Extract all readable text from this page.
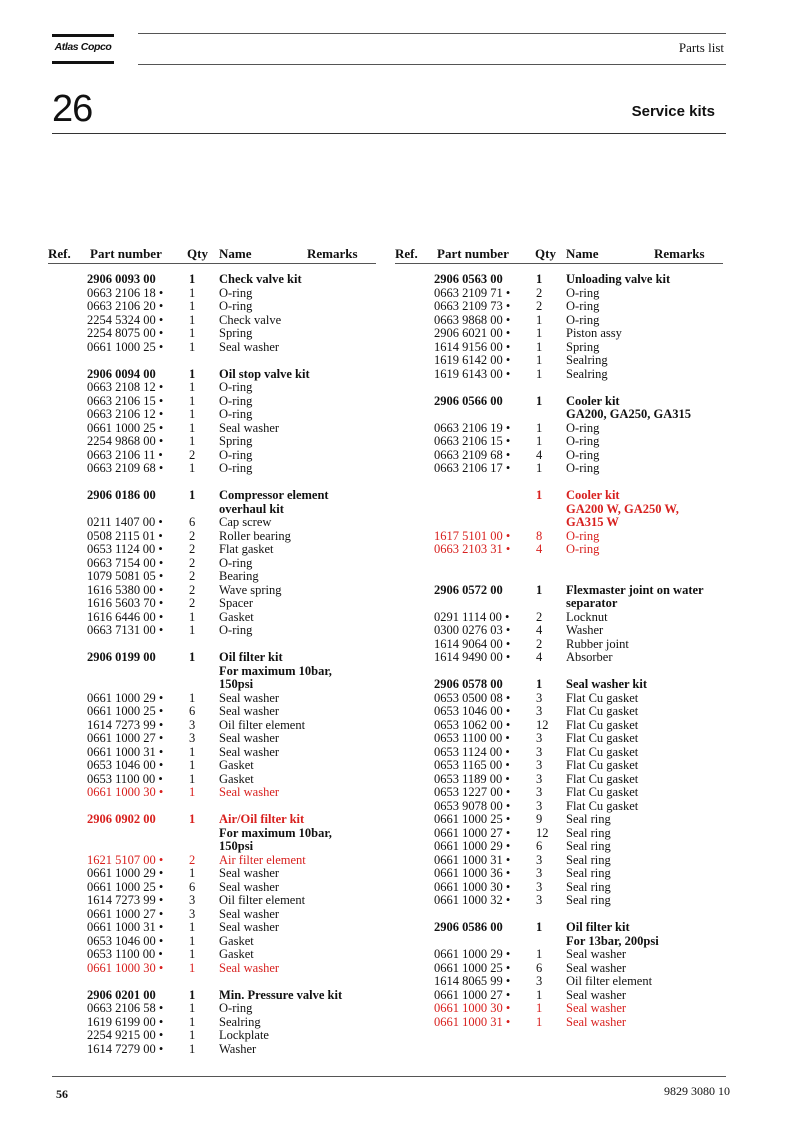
Atlas Copco	Parts list
26	Service kits
Ref. Part number Qty Name	Remarks	Ref. Part number Qty Name	Remarks
2906 0093 00	1 Check valve kit
0663 2106 18 • 1 O-ring
0663 2106 20 • 1 O-ring
2254 5324 00 • 1 Check valve
2254 8075 00 • 1 Spring
0661 1000 25 • 1 Seal washer
2906 0094 00	1 Oil stop valve kit
0663 2108 12 • 1 O-ring
0663 2106 15 • 1 O-ring
0663 2106 12 • 1 O-ring
0661 1000 25 • 1 Seal washer
2254 9868 00 • 1 Spring
0663 2106 11 • 2 O-ring
0663 2109 68 • 1 O-ring
2906 0186 00	1 Compressor element
overhaul kit
0211 1407 00 • 6 Cap screw
0508 2115 01 • 2 Roller bearing
0653 1124 00 • 2 Flat gasket
0663 7154 00 • 2 O-ring
1079 5081 05 • 2 Bearing
1616 5380 00 • 2 Wave spring
1616 5603 70 • 2 Spacer
1616 6446 00 • 1 Gasket
0663 7131 00 • 1 O-ring
2906 0199 00	1 Oil filter kit
For maximum 10bar,
150psi
0661 1000 29 • 1 Seal washer
0661 1000 25 • 6 Seal washer
1614 7273 99 • 3 Oil filter element
0661 1000 27 • 3 Seal washer
0661 1000 31 • 1 Seal washer
0653 1046 00 • 1 Gasket
0653 1100 00 • 1 Gasket
0661 1000 30 • 1 Seal washer
2906 0902 00	1 Air/Oil filter kit
For maximum 10bar,
150psi
1621 5107 00 • 2 Air filter element
0661 1000 29 • 1 Seal washer
0661 1000 25 • 6 Seal washer
1614 7273 99 • 3 Oil filter element
0661 1000 27 • 3 Seal washer
0661 1000 31 • 1 Seal washer
0653 1046 00 • 1 Gasket
0653 1100 00 • 1 Gasket
0661 1000 30 • 1 Seal washer
2906 0201 00	1 Min. Pressure valve kit
0663 2106 58 • 1 O-ring
1619 6199 00 • 1 Sealring
2254 9215 00 • 1 Lockplate
1614 7279 00 • 1 Washer
2906 0563 00	1 Unloading valve kit
0663 2109 71 • 2 O-ring
0663 2109 73 • 2 O-ring
0663 9868 00 • 1 O-ring
2906 6021 00 • 1 Piston assy
1614 9156 00 • 1 Spring
1619 6142 00 • 1 Sealring
1619 6143 00 • 1 Sealring
2906 0566 00	1 Cooler kit
GA200, GA250, GA315
0663 2106 19 • 1 O-ring
0663 2106 15 • 1 O-ring
0663 2109 68 • 4 O-ring
0663 2106 17 • 1 O-ring
1 Cooler kit
GA200 W, GA250 W,
GA315 W
1617 5101 00 • 8 O-ring
0663 2103 31 • 4 O-ring
2906 0572 00	1 Flexmaster joint on water
separator
0291 1114 00 • 2 Locknut
0300 0276 03 • 4 Washer
1614 9064 00 • 2 Rubber joint
1614 9490 00 • 4 Absorber
2906 0578 00	1 Seal washer kit
0653 0500 08 • 3 Flat Cu gasket
0653 1046 00 • 3 Flat Cu gasket
0653 1062 00 • 12 Flat Cu gasket
0653 1100 00 • 3 Flat Cu gasket
0653 1124 00 • 3 Flat Cu gasket
0653 1165 00 • 3 Flat Cu gasket
0653 1189 00 • 3 Flat Cu gasket
0653 1227 00 • 3 Flat Cu gasket
0653 9078 00 • 3 Flat Cu gasket
0661 1000 25 • 9 Seal ring
0661 1000 27 • 12 Seal ring
0661 1000 29 • 6 Seal ring
0661 1000 31 • 3 Seal ring
0661 1000 36 • 3 Seal ring
0661 1000 30 • 3 Seal ring
0661 1000 32 • 3 Seal ring
2906 0586 00	1 Oil filter kit
For 13bar, 200psi
0661 1000 29 • 1 Seal washer
0661 1000 25 • 6 Seal washer
1614 8065 99 • 3 Oil filter element
0661 1000 27 • 1 Seal washer
0661 1000 30 • 1 Seal washer
0661 1000 31 • 1 Seal washer
56	9829 3080 10
